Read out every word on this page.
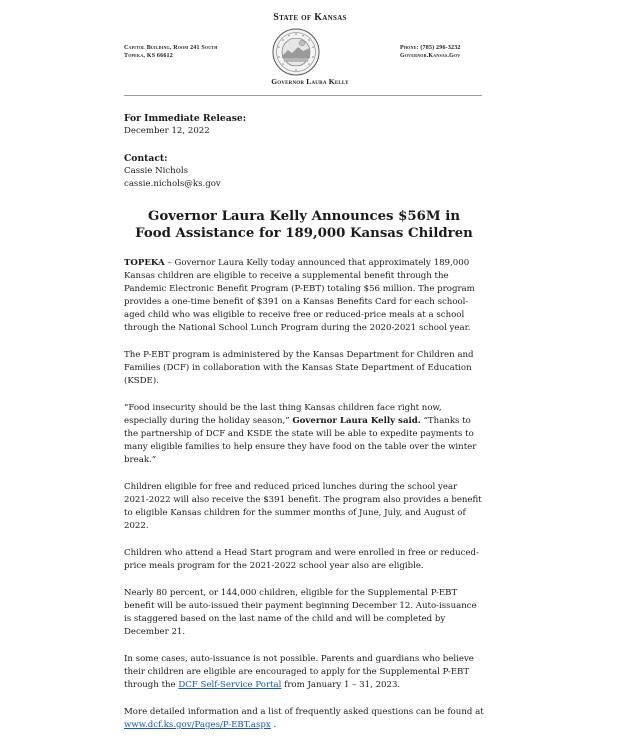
State of Kansas
Capitol Building, Room 241 South
Topeka, KS 66612
Phone: (785) 296-3232
Governor.Kansas.Gov
Governor Laura Kelly
For Immediate Release:
December 12, 2022
Contact:
Cassie Nichols
cassie.nichols@ks.gov
Governor Laura Kelly Announces $56M in
Food Assistance for 189,000 Kansas Children

TOPEKA – Governor Laura Kelly today announced that approximately 189,000 Kansas children are eligible to receive a supplemental benefit through the Pandemic Electronic Benefit Program (P-EBT) totaling $56 million. The program provides a one-time benefit of $391 on a Kansas Benefits Card for each school-aged child who was eligible to receive free or reduced-price meals at a school through the National School Lunch Program during the 2020-2021 school year.

The P-EBT program is administered by the Kansas Department for Children and Families (DCF) in collaboration with the Kansas State Department of Education (KSDE).

“Food insecurity should be the last thing Kansas children face right now, especially during the holiday season,” Governor Laura Kelly said. “Thanks to the partnership of DCF and KSDE the state will be able to expedite payments to many eligible families to help ensure they have food on the table over the winter break.”

Children eligible for free and reduced priced lunches during the school year 2021-2022 will also receive the $391 benefit. The program also provides a benefit to eligible Kansas children for the summer months of June, July, and August of 2022.

Children who attend a Head Start program and were enrolled in free or reduced-price meals program for the 2021-2022 school year also are eligible.

Nearly 80 percent, or 144,000 children, eligible for the Supplemental P-EBT benefit will be auto-issued their payment beginning December 12. Auto-issuance is staggered based on the last name of the child and will be completed by December 21.

In some cases, auto-issuance is not possible. Parents and guardians who believe their children are eligible are encouraged to apply for the Supplemental P-EBT through the DCF Self-Service Portal from January 1 – 31, 2023.

More detailed information and a list of frequently asked questions can be found at www.dcf.ks.gov/Pages/P-EBT.aspx .
